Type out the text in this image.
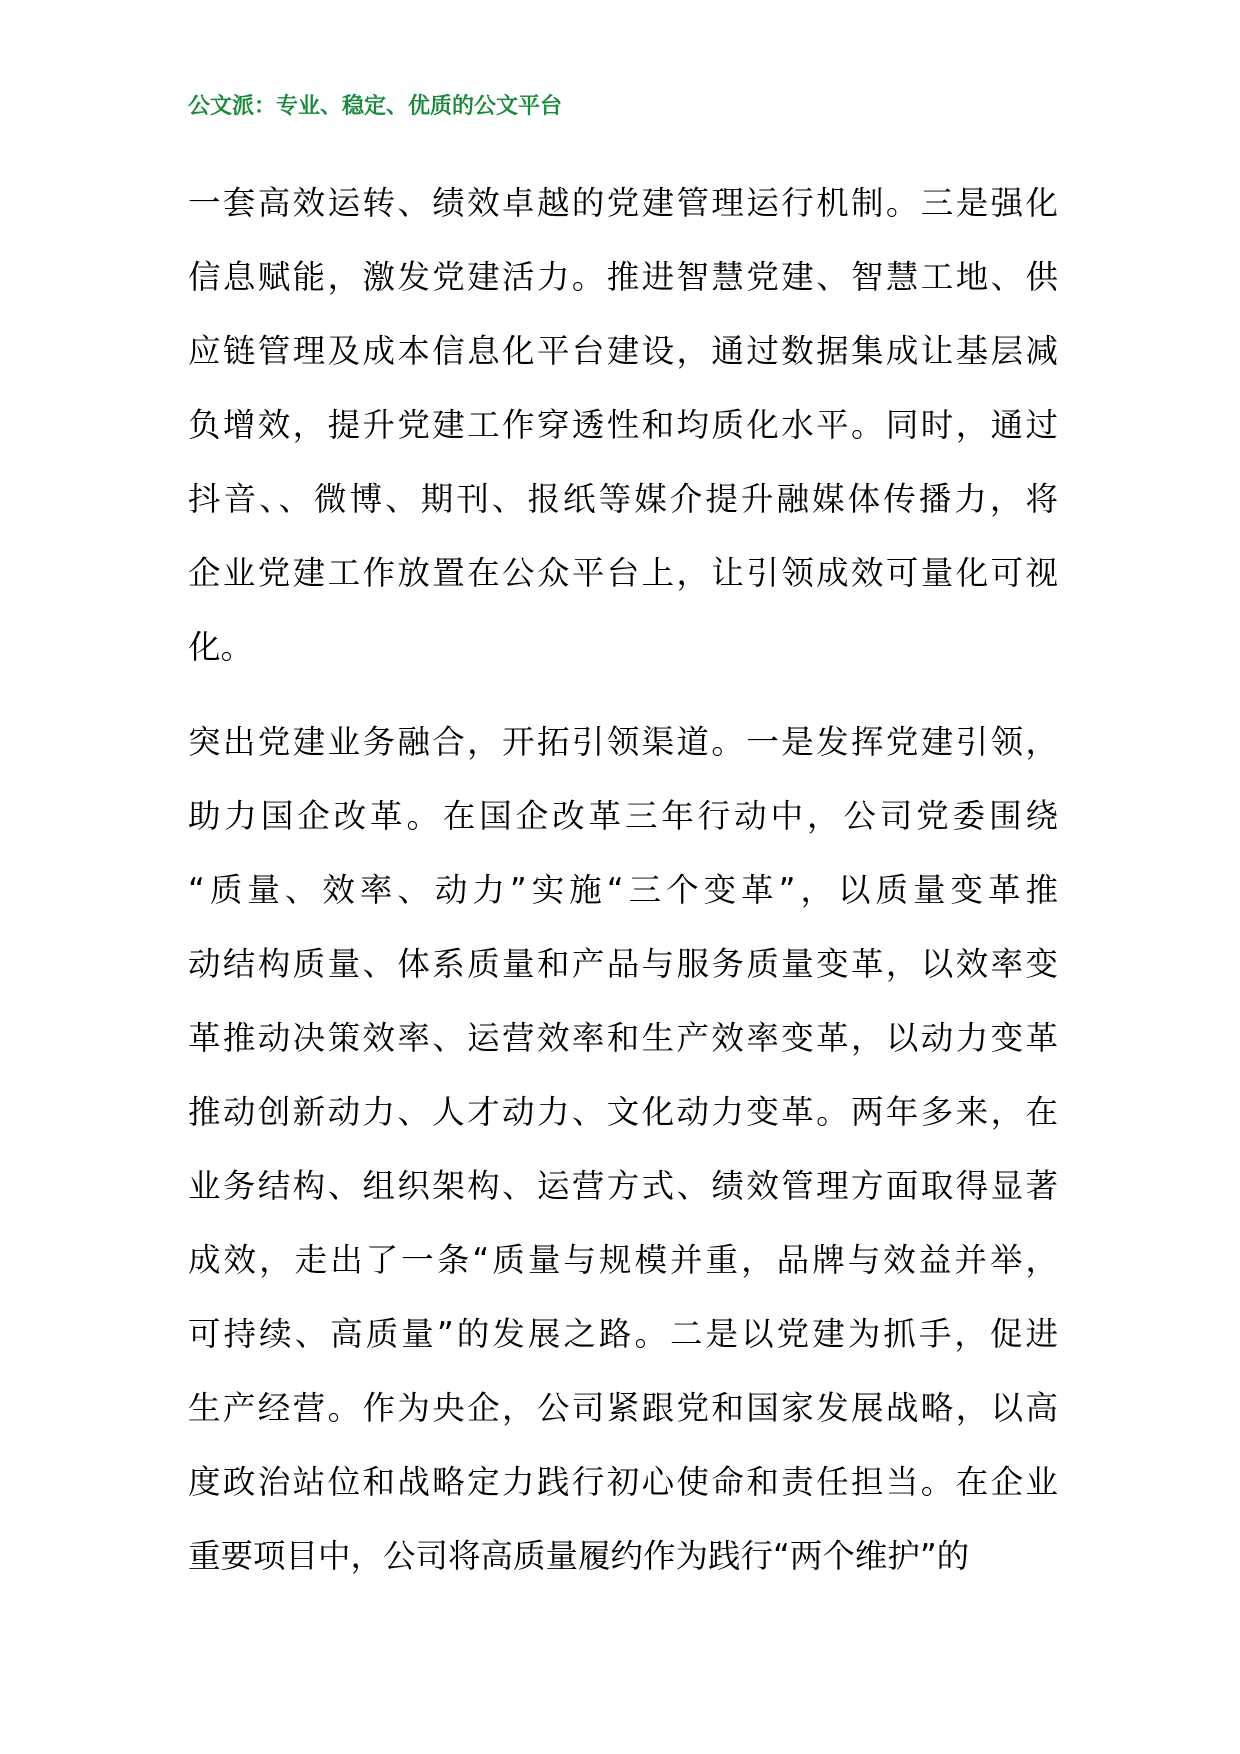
公文派：专业、稳定、优质的公文平台
一套高效运转、绩效卓越的党建管理运行机制。三是强化
信息赋能，激发党建活力。推进智慧党建、智慧工地、供
应链管理及成本信息化平台建设，通过数据集成让基层减
负增效，提升党建工作穿透性和均质化水平。同时，通过
抖音、、微博、期刊、报纸等媒介提升融媒体传播力，将
企业党建工作放置在公众平台上，让引领成效可量化可视
化。
突出党建业务融合，开拓引领渠道。一是发挥党建引领，
助力国企改革。在国企改革三年行动中，公司党委围绕
“质量、效率、动力”实施“三个变革”，以质量变革推
动结构质量、体系质量和产品与服务质量变革，以效率变
革推动决策效率、运营效率和生产效率变革，以动力变革
推动创新动力、人才动力、文化动力变革。两年多来，在
业务结构、组织架构、运营方式、绩效管理方面取得显著
成效，走出了一条“质量与规模并重，品牌与效益并举，
可持续、高质量”的发展之路。二是以党建为抓手，促进
生产经营。作为央企，公司紧跟党和国家发展战略，以高
度政治站位和战略定力践行初心使命和责任担当。在企业
重要项目中，公司将高质量履约作为践行“两个维护”的
